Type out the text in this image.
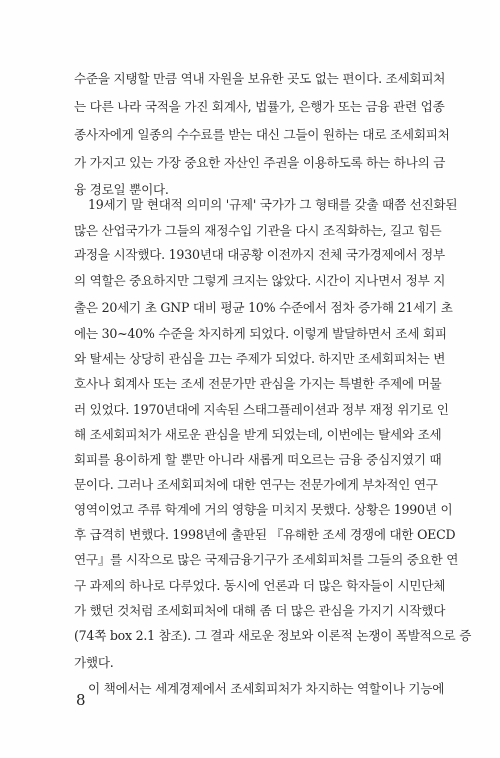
수준을 지탱할 만큼 역내 자원을 보유한 곳도 없는 편이다. 조세회피처
는 다른 나라 국적을 가진 회계사, 법률가, 은행가 또는 금융 관련 업종
종사자에게 일종의 수수료를 받는 대신 그들이 원하는 대로 조세회피처
가 가지고 있는 가장 중요한 자산인 주권을 이용하도록 하는 하나의 금
융 경로일 뿐이다.
19세기 말 현대적 의미의 '규제' 국가가 그 형태를 갖출 때쯤 선진화된
많은 산업국가가 그들의 재정수입 기관을 다시 조직화하는, 길고 힘든
과정을 시작했다. 1930년대 대공황 이전까지 전체 국가경제에서 정부
의 역할은 중요하지만 그렇게 크지는 않았다. 시간이 지나면서 정부 지
출은 20세기 초 GNP 대비 평균 10% 수준에서 점차 증가해 21세기 초
에는 30~40% 수준을 차지하게 되었다. 이렇게 발달하면서 조세 회피
와 탈세는 상당히 관심을 끄는 주제가 되었다. 하지만 조세회피처는 변
호사나 회계사 또는 조세 전문가만 관심을 가지는 특별한 주제에 머물
러 있었다. 1970년대에 지속된 스태그플레이션과 정부 재정 위기로 인
해 조세회피처가 새로운 관심을 받게 되었는데, 이번에는 탈세와 조세
회피를 용이하게 할 뿐만 아니라 새롭게 떠오르는 금융 중심지였기 때
문이다. 그러나 조세회피처에 대한 연구는 전문가에게 부차적인 연구
영역이었고 주류 학계에 거의 영향을 미치지 못했다. 상황은 1990년 이
후 급격히 변했다. 1998년에 출판된 『유해한 조세 경쟁에 대한 OECD
연구』를 시작으로 많은 국제금융기구가 조세회피처를 그들의 중요한 연
구 과제의 하나로 다루었다. 동시에 언론과 더 많은 학자들이 시민단체
가 했던 것처럼 조세회피처에 대해 좀 더 많은 관심을 가지기 시작했다
(74쪽 box 2.1 참조). 그 결과 새로운 정보와 이론적 논쟁이 폭발적으로 증
가했다.
이 책에서는 세계경제에서 조세회피처가 차지하는 역할이나 기능에
8
